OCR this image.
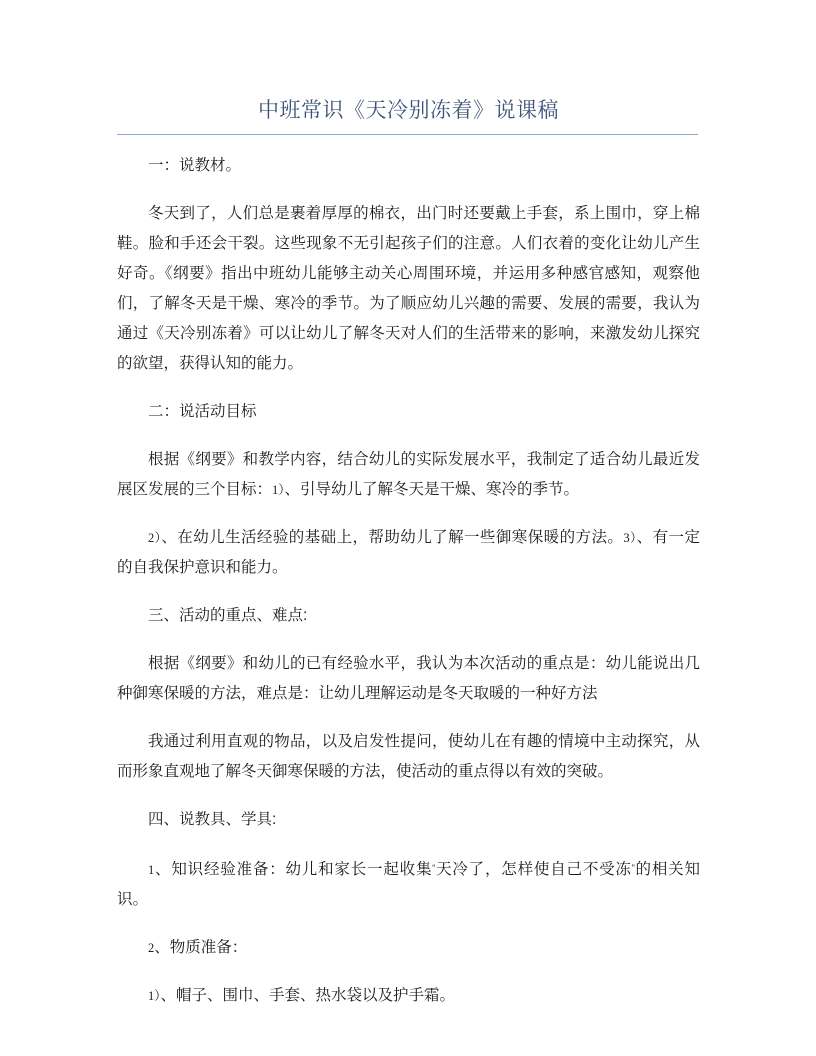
中班常识《天冷别冻着》说课稿

一：说教材。

冬天到了，人们总是裹着厚厚的棉衣，出门时还要戴上手套，系上围巾，穿上棉鞋。脸和手还会干裂。这些现象不无引起孩子们的注意。人们衣着的变化让幼儿产生好奇。《纲要》指出中班幼儿能够主动关心周围环境，并运用多种感官感知，观察他们，了解冬天是干燥、寒冷的季节。为了顺应幼儿兴趣的需要、发展的需要，我认为通过《天冷别冻着》可以让幼儿了解冬天对人们的生活带来的影响，来激发幼儿探究的欲望，获得认知的能力。

二：说活动目标

根据《纲要》和教学内容，结合幼儿的实际发展水平，我制定了适合幼儿最近发展区发展的三个目标：1）、引导幼儿了解冬天是干燥、寒冷的季节。

2）、在幼儿生活经验的基础上，帮助幼儿了解一些御寒保暖的方法。3）、有一定的自我保护意识和能力。

三、活动的重点、难点:

根据《纲要》和幼儿的已有经验水平，我认为本次活动的重点是：幼儿能说出几种御寒保暖的方法，难点是：让幼儿理解运动是冬天取暖的一种好方法

我通过利用直观的物品，以及启发性提问，使幼儿在有趣的情境中主动探究，从而形象直观地了解冬天御寒保暖的方法，使活动的重点得以有效的突破。

四、说教具、学具:

1、知识经验准备：幼儿和家长一起收集“天冷了，怎样使自己不受冻”的相关知识。

2、物质准备：

1）、帽子、围巾、手套、热水袋以及护手霜。
